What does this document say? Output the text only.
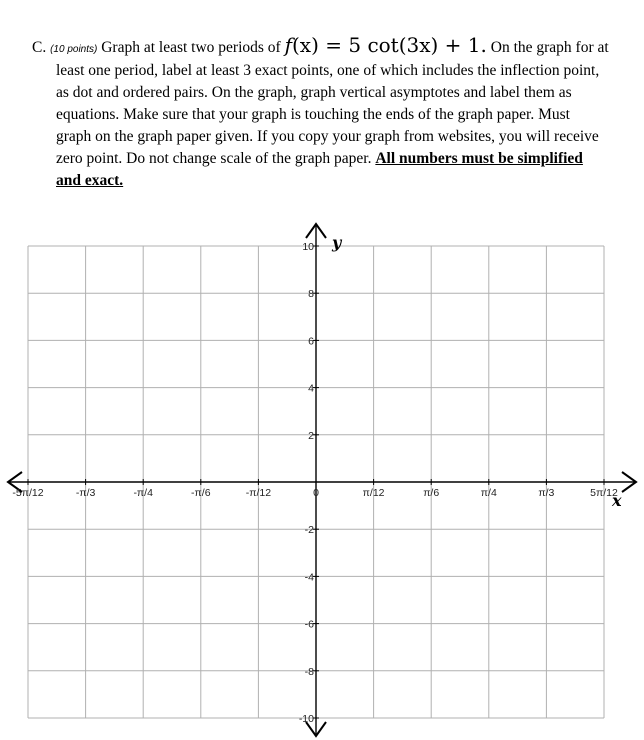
C. (10 points) Graph at least two periods of f(x) = 5 cot(3x) + 1. On the graph for at
least one period, label at least 3 exact points, one of which includes the inflection point,
as dot and ordered pairs. On the graph, graph vertical asymptotes and label them as
equations. Make sure that your graph is touching the ends of the graph paper. Must
graph on the graph paper given. If you copy your graph from websites, you will receive
zero point. Do not change scale of the graph paper. All numbers must be simplified
and exact.
-5π/12	-π/3	-π/4	-π/6	-π/12	0	π/12	π/6	π/4	π/3	5π/12
10
8
6
4
2
-2
-4
-6
-8
-10
y
x
